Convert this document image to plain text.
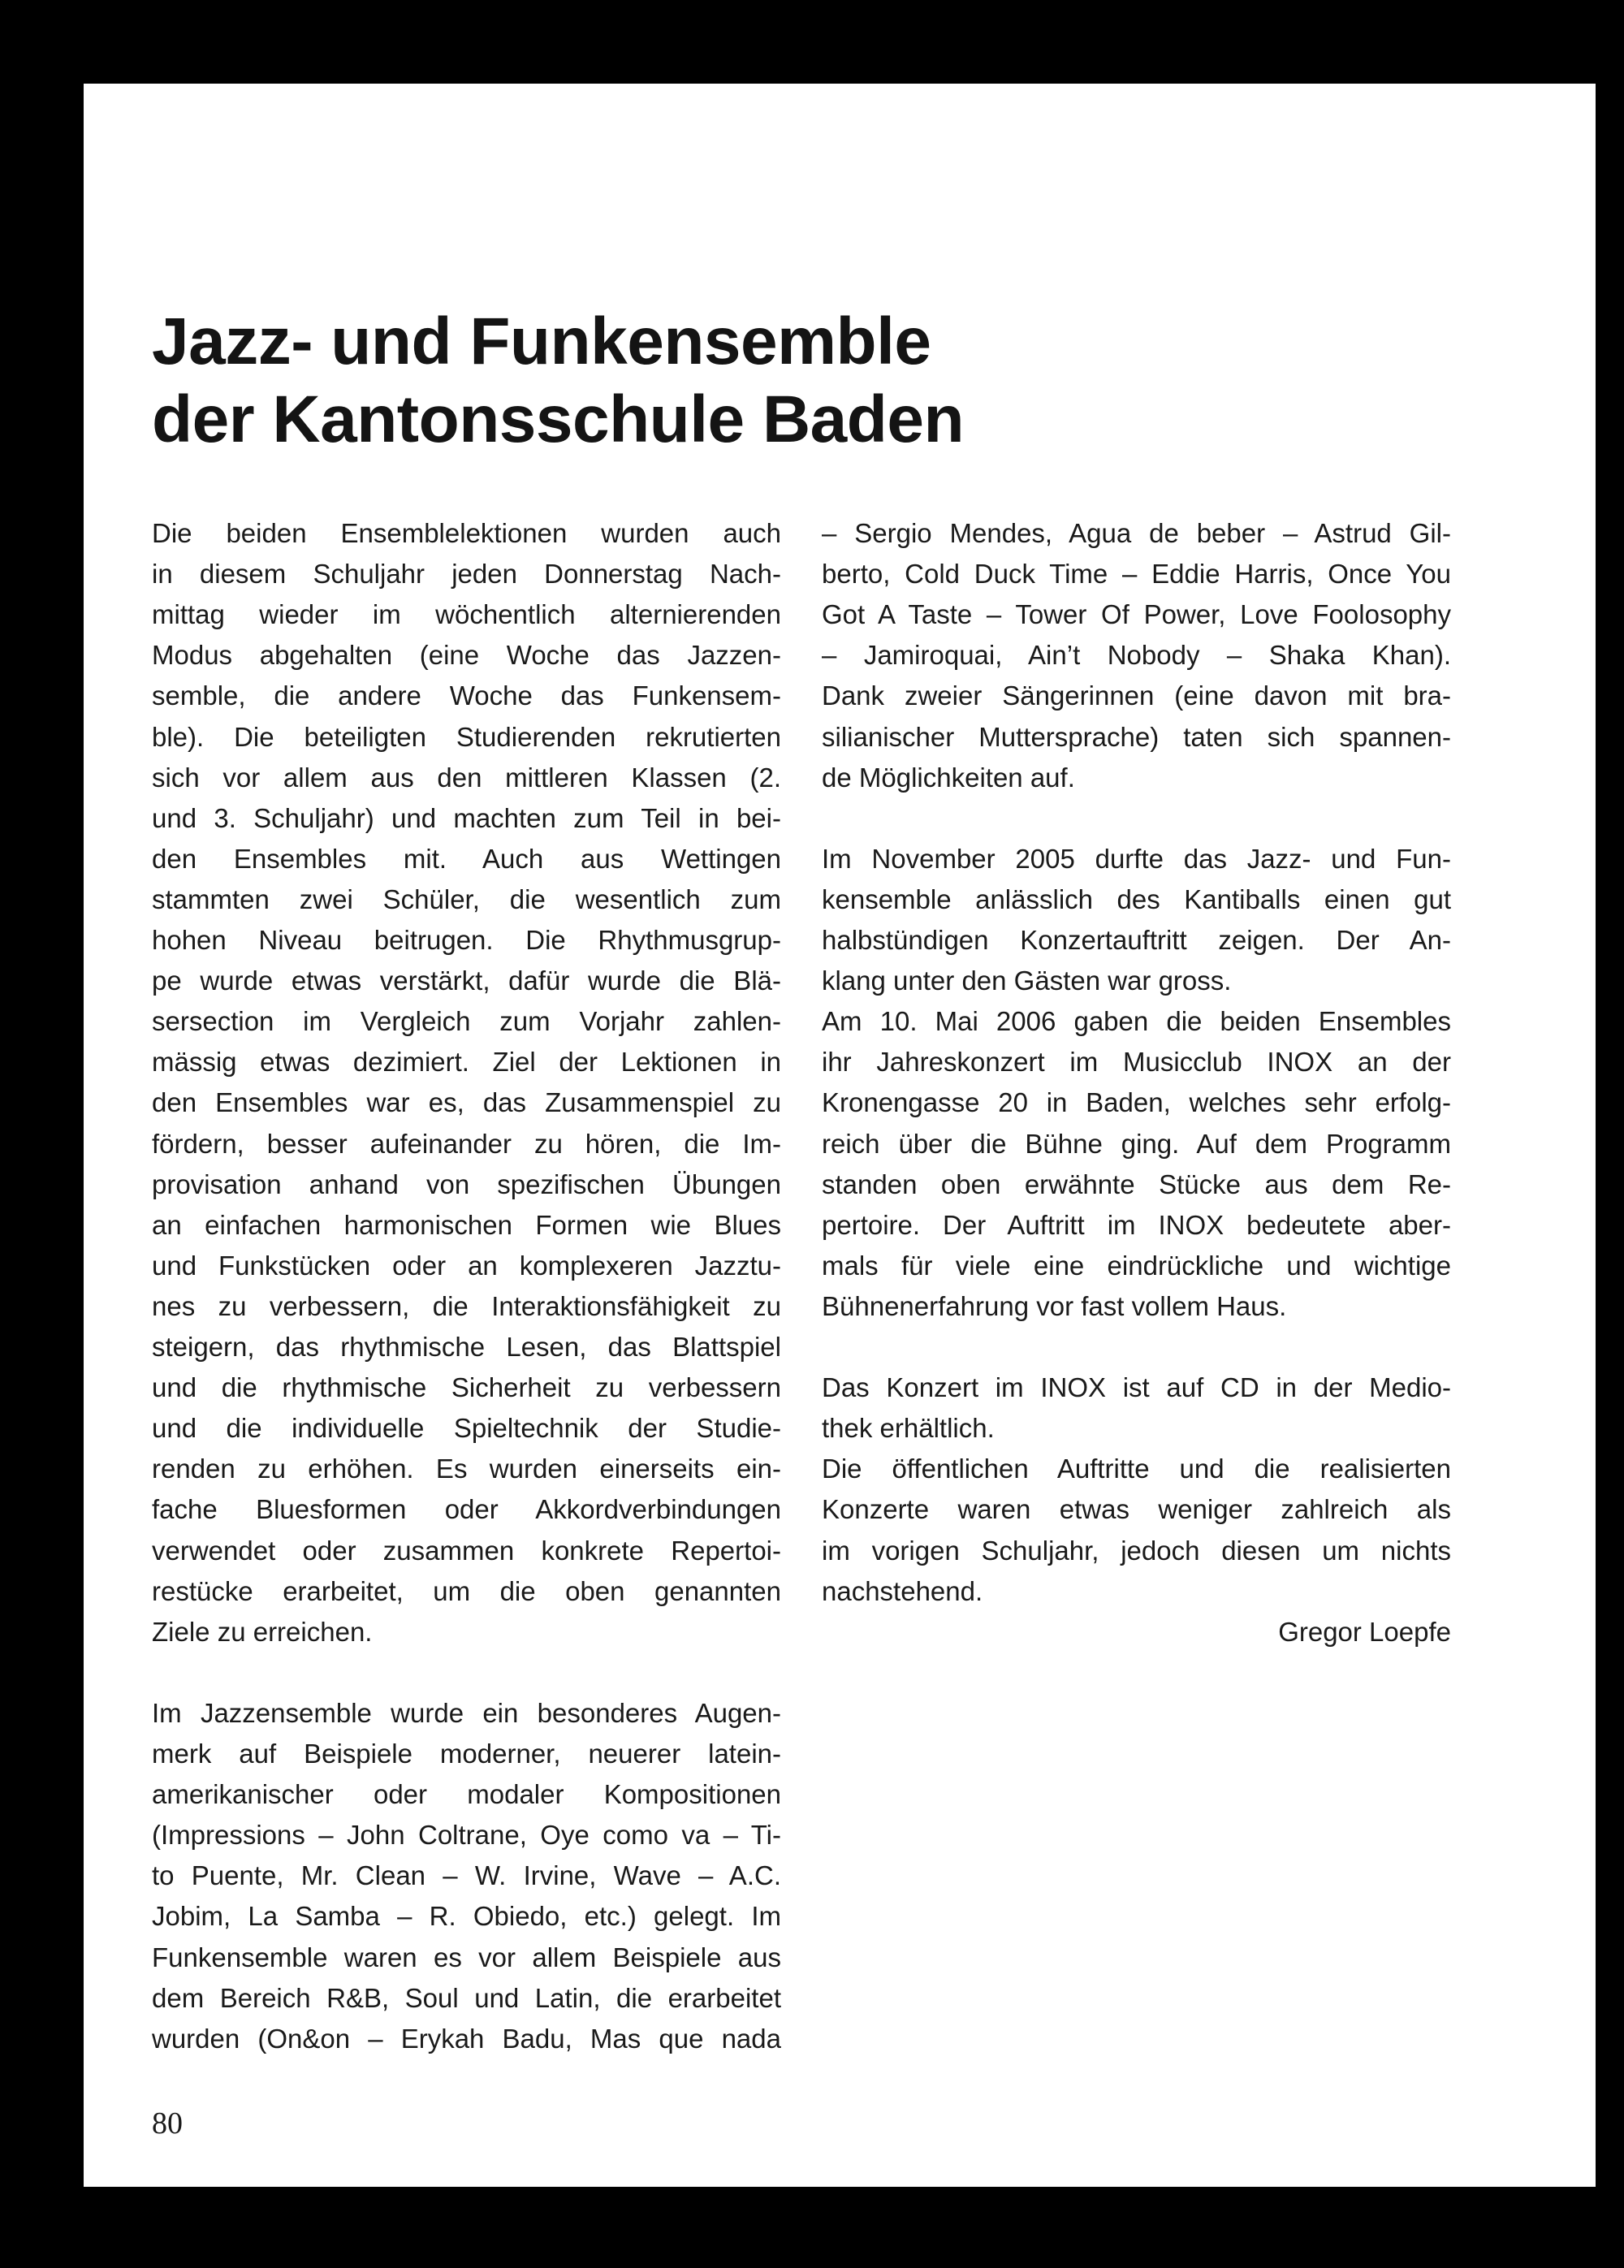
Jazz- und Funkensemble
der Kantonsschule Baden
Die beiden Ensemblelektionen wurden auch
in diesem Schuljahr jeden Donnerstag Nach-
mittag wieder im wöchentlich alternierenden
Modus abgehalten (eine Woche das Jazzen-
semble, die andere Woche das Funkensem-
ble). Die beteiligten Studierenden rekrutierten
sich vor allem aus den mittleren Klassen (2.
und 3. Schuljahr) und machten zum Teil in bei-
den Ensembles mit. Auch aus Wettingen
stammten zwei Schüler, die wesentlich zum
hohen Niveau beitrugen. Die Rhythmusgrup-
pe wurde etwas verstärkt, dafür wurde die Blä-
sersection im Vergleich zum Vorjahr zahlen-
mässig etwas dezimiert. Ziel der Lektionen in
den Ensembles war es, das Zusammenspiel zu
fördern, besser aufeinander zu hören, die Im-
provisation anhand von spezifischen Übungen
an einfachen harmonischen Formen wie Blues
und Funkstücken oder an komplexeren Jazztu-
nes zu verbessern, die Interaktionsfähigkeit zu
steigern, das rhythmische Lesen, das Blattspiel
und die rhythmische Sicherheit zu verbessern
und die individuelle Spieltechnik der Studie-
renden zu erhöhen. Es wurden einerseits ein-
fache Bluesformen oder Akkordverbindungen
verwendet oder zusammen konkrete Repertoi-
restücke erarbeitet, um die oben genannten
Ziele zu erreichen.
Im Jazzensemble wurde ein besonderes Augen-
merk auf Beispiele moderner, neuerer latein-
amerikanischer oder modaler Kompositionen
(Impressions – John Coltrane, Oye como va – Ti-
to Puente, Mr. Clean – W. Irvine, Wave – A.C.
Jobim, La Samba – R. Obiedo, etc.) gelegt. Im
Funkensemble waren es vor allem Beispiele aus
dem Bereich R&B, Soul und Latin, die erarbeitet
wurden (On&on – Erykah Badu, Mas que nada
– Sergio Mendes, Agua de beber – Astrud Gil-
berto, Cold Duck Time – Eddie Harris, Once You
Got A Taste – Tower Of Power, Love Foolosophy
– Jamiroquai, Ain’t Nobody – Shaka Khan).
Dank zweier Sängerinnen (eine davon mit bra-
silianischer Muttersprache) taten sich spannen-
de Möglichkeiten auf.
Im November 2005 durfte das Jazz- und Fun-
kensemble anlässlich des Kantiballs einen gut
halbstündigen Konzertauftritt zeigen. Der An-
klang unter den Gästen war gross.
Am 10. Mai 2006 gaben die beiden Ensembles
ihr Jahreskonzert im Musicclub INOX an der
Kronengasse 20 in Baden, welches sehr erfolg-
reich über die Bühne ging. Auf dem Programm
standen oben erwähnte Stücke aus dem Re-
pertoire. Der Auftritt im INOX bedeutete aber-
mals für viele eine eindrückliche und wichtige
Bühnenerfahrung vor fast vollem Haus.
Das Konzert im INOX ist auf CD in der Medio-
thek erhältlich.
Die öffentlichen Auftritte und die realisierten
Konzerte waren etwas weniger zahlreich als
im vorigen Schuljahr, jedoch diesen um nichts
nachstehend.
Gregor Loepfe
80
